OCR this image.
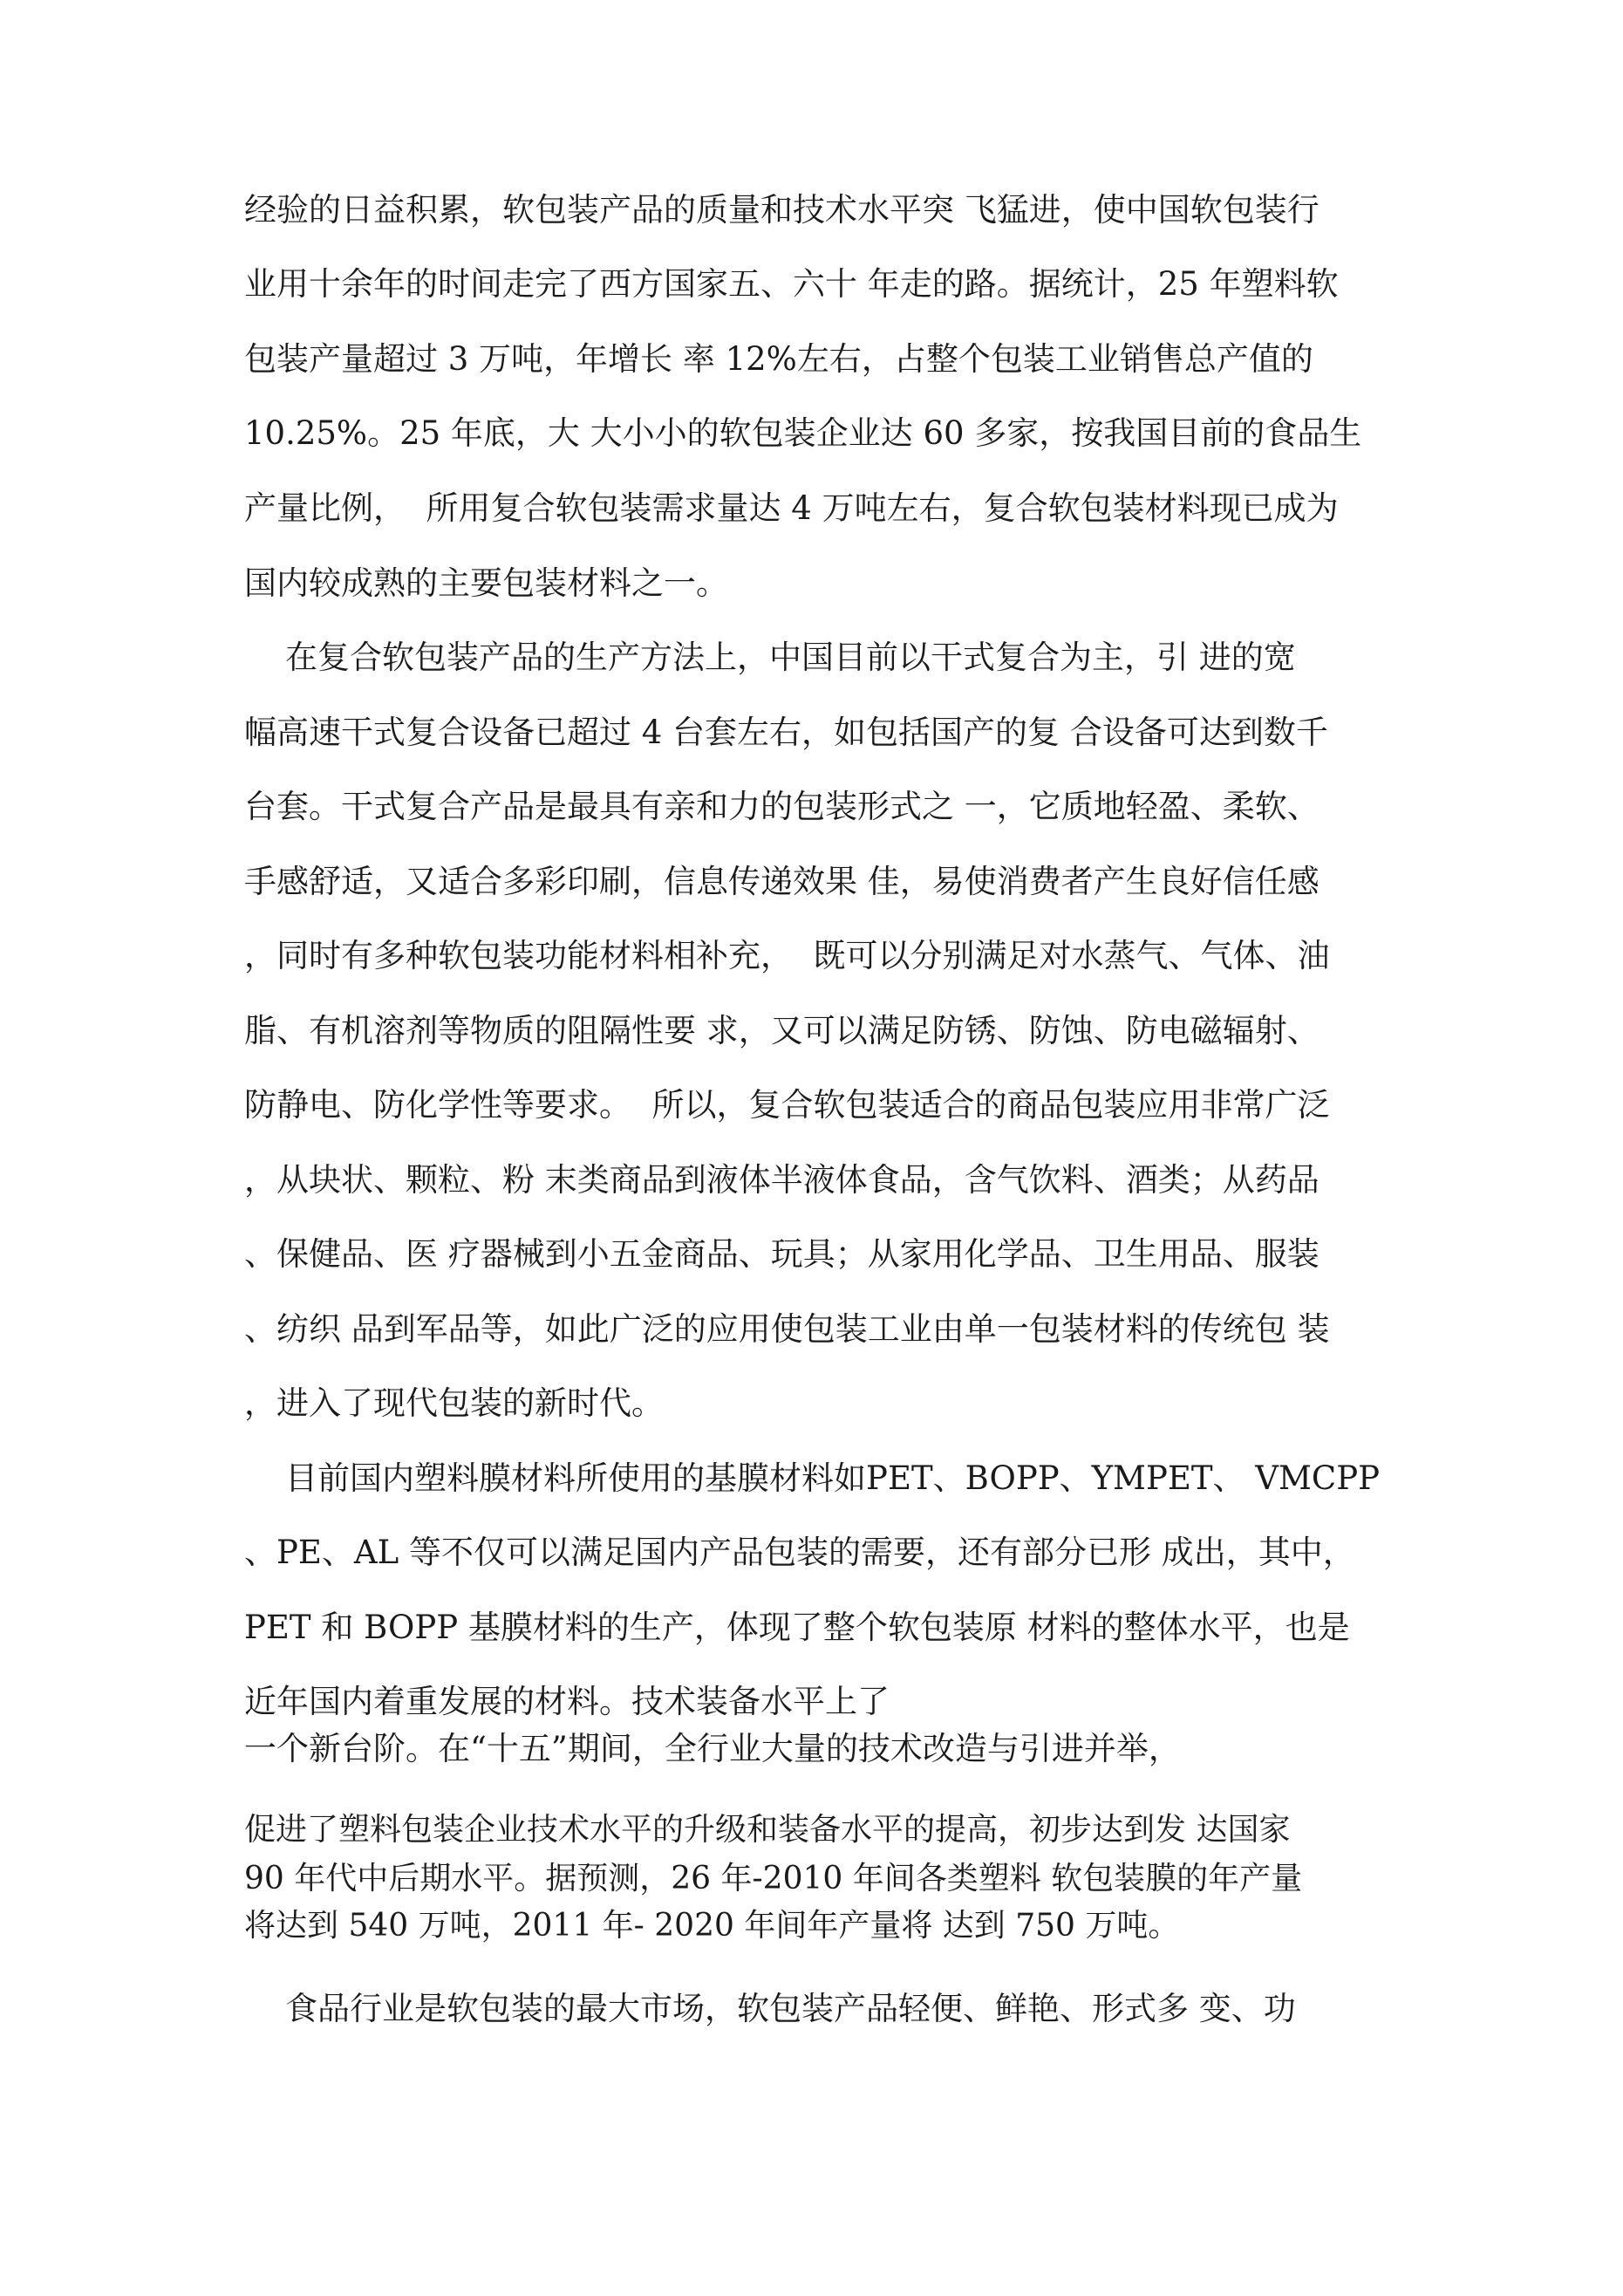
经验的日益积累，软包装产品的质量和技术水平突 飞猛进，使中国软包装行
业用十余年的时间走完了西方国家五、六十 年走的路。据统计，25 年塑料软
包装产量超过 3 万吨，年增长 率 12%左右，占整个包装工业销售总产值的
10.25%。25 年底，大 大小小的软包装企业达 60 多家，按我国目前的食品生
产量比例，  所用复合软包装需求量达 4 万吨左右，复合软包装材料现已成为
国内较成熟的主要包装材料之一。
在复合软包装产品的生产方法上，中国目前以干式复合为主，引 进的宽
幅高速干式复合设备已超过 4 台套左右，如包括国产的复 合设备可达到数千
台套。干式复合产品是最具有亲和力的包装形式之 一，它质地轻盈、柔软、
手感舒适，又适合多彩印刷，信息传递效果 佳，易使消费者产生良好信任感
，同时有多种软包装功能材料相补充，  既可以分别满足对水蒸气、气体、油
脂、有机溶剂等物质的阻隔性要 求，又可以满足防锈、防蚀、防电磁辐射、
防静电、防化学性等要求。  所以，复合软包装适合的商品包装应用非常广泛
，从块状、颗粒、粉 末类商品到液体半液体食品，含气饮料、酒类；从药品
、保健品、医 疗器械到小五金商品、玩具；从家用化学品、卫生用品、服装
、纺织 品到军品等，如此广泛的应用使包装工业由单一包装材料的传统包 装
，进入了现代包装的新时代。
目前国内塑料膜材料所使用的基膜材料如PET、BOPP、YMPET、 VMCPP
、PE、AL 等不仅可以满足国内产品包装的需要，还有部分已形 成出，其中，
PET 和 BOPP 基膜材料的生产，体现了整个软包装原 材料的整体水平，也是
近年国内着重发展的材料。技术装备水平上了
一个新台阶。在“十五”期间，全行业大量的技术改造与引进并举，
促进了塑料包装企业技术水平的升级和装备水平的提高，初步达到发 达国家
90 年代中后期水平。据预测，26 年-2010 年间各类塑料 软包装膜的年产量
将达到 540 万吨，2011 年- 2020 年间年产量将 达到 750 万吨。
食品行业是软包装的最大市场，软包装产品轻便、鲜艳、形式多 变、功
